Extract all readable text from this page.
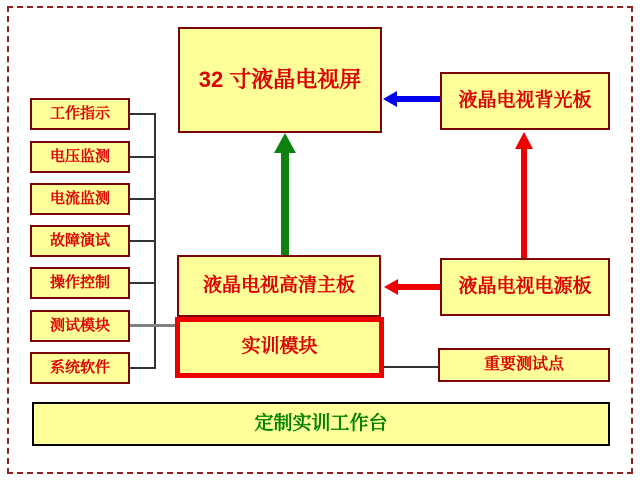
工作指示
电压监测
电流监测
故障演试
操作控制
测试模块
系统软件
32 寸液晶电视屏
液晶电视背光板
液晶电视高清主板
实训模块
液晶电视电源板
重要测试点
定制实训工作台
